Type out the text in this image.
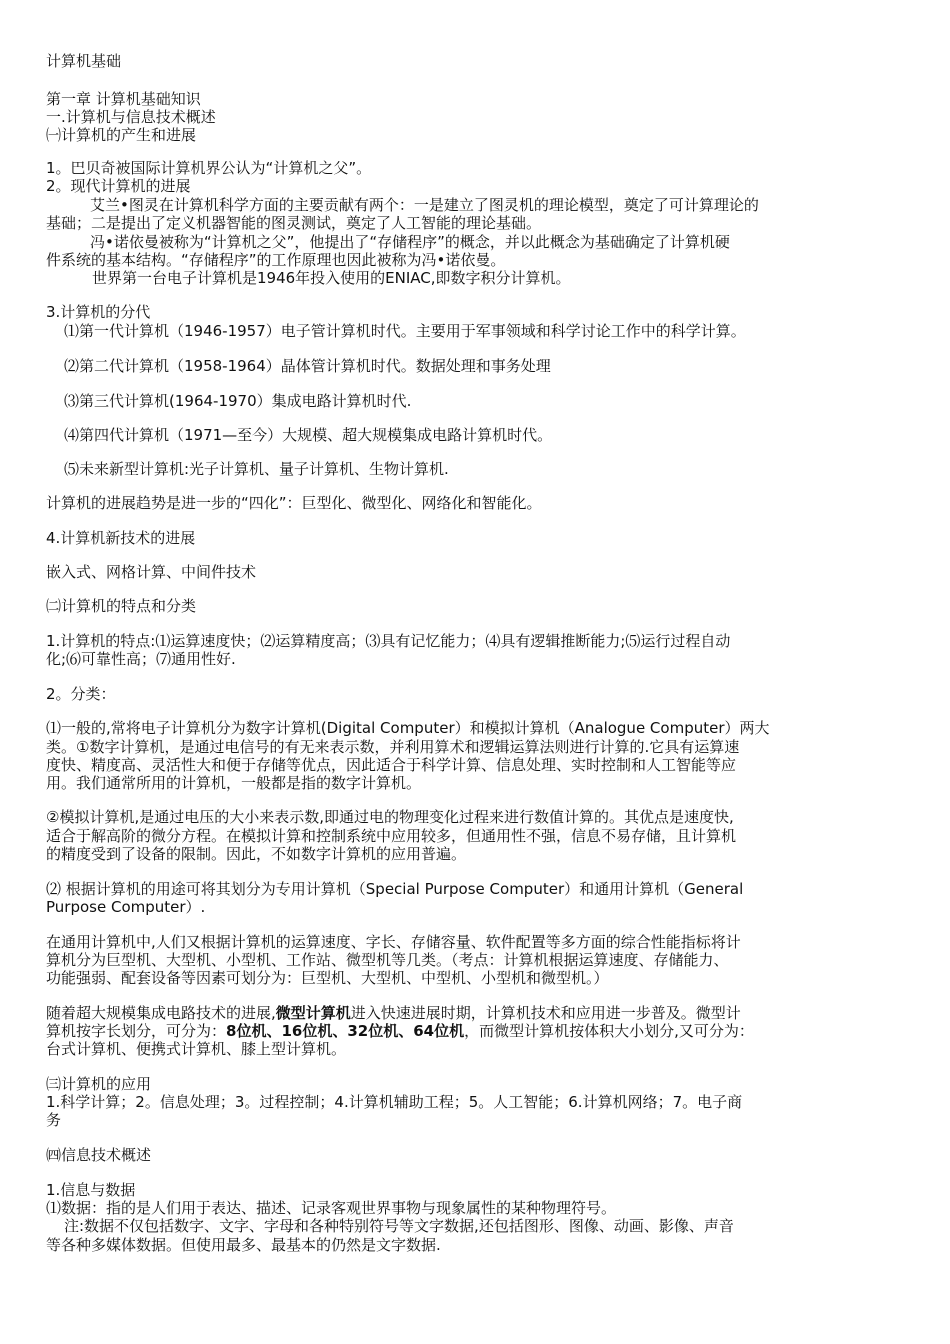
计算机基础

第一章 计算机基础知识

一.计算机与信息技术概述

㈠计算机的产生和进展

1。巴贝奇被国际计算机界公认为“计算机之父”。

2。现代计算机的进展

艾兰•图灵在计算机科学方面的主要贡献有两个：一是建立了图灵机的理论模型，奠定了可计算理论的

基础；二是提出了定义机器智能的图灵测试，奠定了人工智能的理论基础。

冯•诺依曼被称为“计算机之父”，他提出了“存储程序”的概念，并以此概念为基础确定了计算机硬

件系统的基本结构。“存储程序”的工作原理也因此被称为冯•诺依曼。

世界第一台电子计算机是1946年投入使用的ENIAC,即数字积分计算机。

3.计算机的分代

⑴第一代计算机（1946-1957）电子管计算机时代。主要用于军事领域和科学讨论工作中的科学计算。

⑵第二代计算机（1958-1964）晶体管计算机时代。数据处理和事务处理

⑶第三代计算机(1964-1970）集成电路计算机时代.

⑷第四代计算机（1971—至今）大规模、超大规模集成电路计算机时代。

⑸未来新型计算机:光子计算机、量子计算机、生物计算机.

计算机的进展趋势是进一步的“四化”：巨型化、微型化、网络化和智能化。

4.计算机新技术的进展

嵌入式、网格计算、中间件技术

㈡计算机的特点和分类

1.计算机的特点:⑴运算速度快；⑵运算精度高；⑶具有记忆能力；⑷具有逻辑推断能力;⑸运行过程自动

化;⑹可靠性高；⑺通用性好.

2。分类：

⑴一般的,常将电子计算机分为数字计算机(Digital Computer）和模拟计算机（Analogue Computer）两大

类。①数字计算机，是通过电信号的有无来表示数，并利用算术和逻辑运算法则进行计算的.它具有运算速

度快、精度高、灵活性大和便于存储等优点，因此适合于科学计算、信息处理、实时控制和人工智能等应

用。我们通常所用的计算机，一般都是指的数字计算机。

②模拟计算机,是通过电压的大小来表示数,即通过电的物理变化过程来进行数值计算的。其优点是速度快,

适合于解高阶的微分方程。在模拟计算和控制系统中应用较多，但通用性不强，信息不易存储，且计算机

的精度受到了设备的限制。因此，不如数字计算机的应用普遍。

⑵ 根据计算机的用途可将其划分为专用计算机（Special Purpose Computer）和通用计算机（General

Purpose Computer）.

在通用计算机中,人们又根据计算机的运算速度、字长、存储容量、软件配置等多方面的综合性能指标将计

算机分为巨型机、大型机、小型机、工作站、微型机等几类。（考点：计算机根据运算速度、存储能力、

功能强弱、配套设备等因素可划分为：巨型机、大型机、中型机、小型机和微型机。）

随着超大规模集成电路技术的进展,微型计算机进入快速进展时期，计算机技术和应用进一步普及。微型计

算机按字长划分，可分为：8位机、16位机、32位机、64位机，而微型计算机按体积大小划分,又可分为：

台式计算机、便携式计算机、膝上型计算机。

㈢计算机的应用

1.科学计算；2。信息处理；3。过程控制；4.计算机辅助工程；5。人工智能；6.计算机网络；7。电子商

务

㈣信息技术概述

1.信息与数据

⑴数据：指的是人们用于表达、描述、记录客观世界事物与现象属性的某种物理符号。

注:数据不仅包括数字、文字、字母和各种特别符号等文字数据,还包括图形、图像、动画、影像、声音

等各种多媒体数据。但使用最多、最基本的仍然是文字数据.
